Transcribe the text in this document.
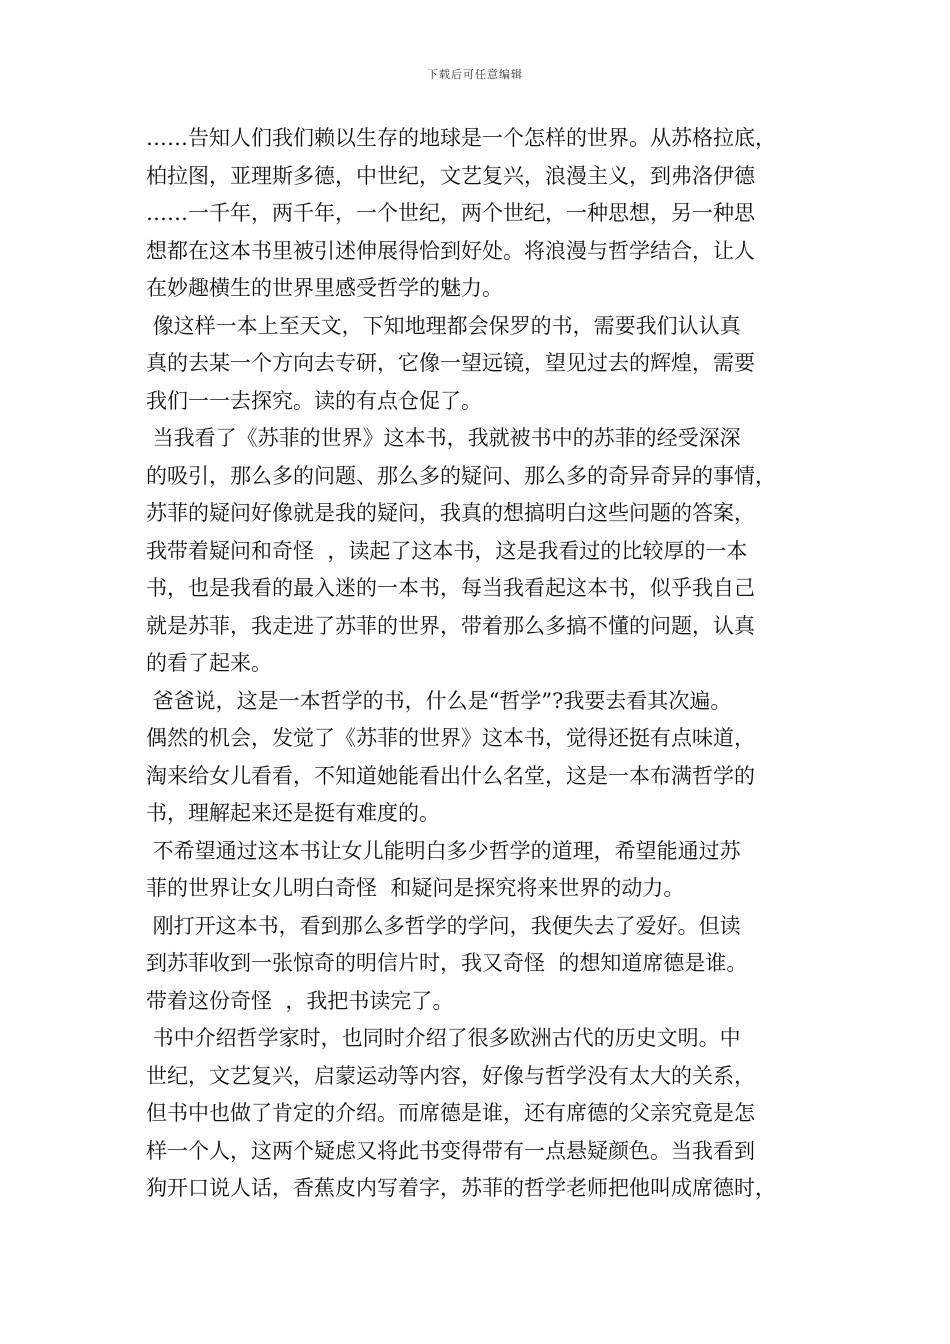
下载后可任意编辑
……告知人们我们赖以生存的地球是一个怎样的世界。从苏格拉底，
柏拉图，亚理斯多德，中世纪，文艺复兴，浪漫主义，到弗洛伊德
……一千年，两千年，一个世纪，两个世纪，一种思想，另一种思
想都在这本书里被引述伸展得恰到好处。将浪漫与哲学结合，让人
在妙趣横生的世界里感受哲学的魅力。
像这样一本上至天文，下知地理都会保罗的书，需要我们认认真
真的去某一个方向去专研，它像一望远镜，望见过去的辉煌，需要
我们一一去探究。读的有点仓促了。
当我看了《苏菲的世界》这本书，我就被书中的苏菲的经受深深
的吸引，那么多的问题、那么多的疑问、那么多的奇异奇异的事情，
苏菲的疑问好像就是我的疑问，我真的想搞明白这些问题的答案，
我带着疑问和奇怪  ，读起了这本书，这是我看过的比较厚的一本
书，也是我看的最入迷的一本书，每当我看起这本书，似乎我自己
就是苏菲，我走进了苏菲的世界，带着那么多搞不懂的问题，认真
的看了起来。
爸爸说，这是一本哲学的书，什么是“哲学”?我要去看其次遍。
偶然的机会，发觉了《苏菲的世界》这本书，觉得还挺有点味道，
淘来给女儿看看，不知道她能看出什么名堂，这是一本布满哲学的
书，理解起来还是挺有难度的。
不希望通过这本书让女儿能明白多少哲学的道理，希望能通过苏
菲的世界让女儿明白奇怪  和疑问是探究将来世界的动力。
刚打开这本书，看到那么多哲学的学问，我便失去了爱好。但读
到苏菲收到一张惊奇的明信片时，我又奇怪  的想知道席德是谁。
带着这份奇怪  ，我把书读完了。
书中介绍哲学家时，也同时介绍了很多欧洲古代的历史文明。中
世纪，文艺复兴，启蒙运动等内容，好像与哲学没有太大的关系，
但书中也做了肯定的介绍。而席德是谁，还有席德的父亲究竟是怎
样一个人，这两个疑虑又将此书变得带有一点悬疑颜色。当我看到
狗开口说人话，香蕉皮内写着字，苏菲的哲学老师把他叫成席德时，
